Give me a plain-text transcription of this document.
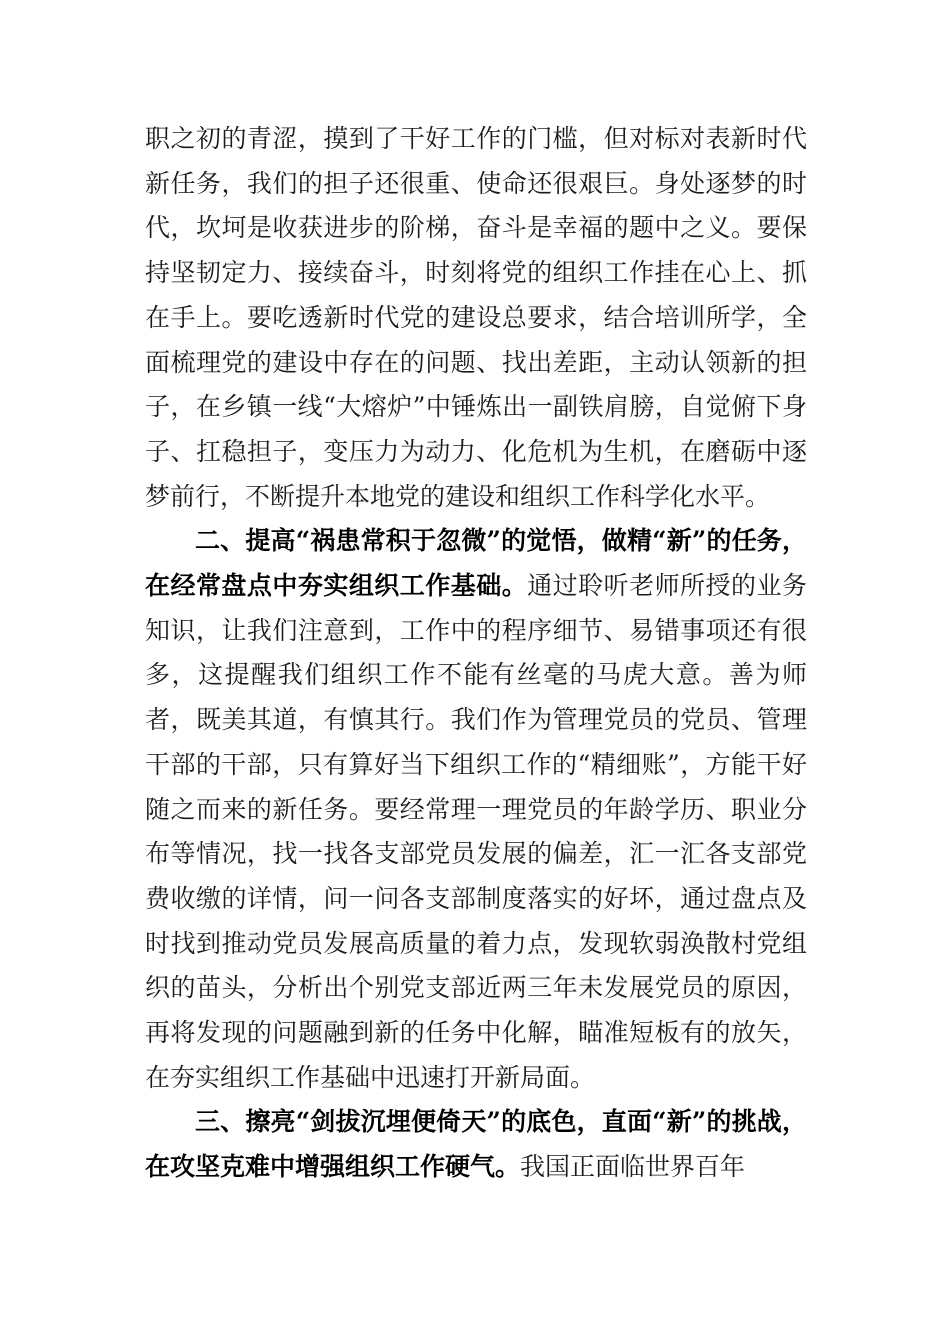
职之初的青涩，摸到了干好工作的门槛，但对标对表新时代新任务，我们的担子还很重、使命还很艰巨。身处逐梦的时代，坎坷是收获进步的阶梯，奋斗是幸福的题中之义。要保持坚韧定力、接续奋斗，时刻将党的组织工作挂在心上、抓在手上。要吃透新时代党的建设总要求，结合培训所学，全面梳理党的建设中存在的问题、找出差距，主动认领新的担子，在乡镇一线“大熔炉”中锤炼出一副铁肩膀，自觉俯下身子、扛稳担子，变压力为动力、化危机为生机，在磨砺中逐梦前行，不断提升本地党的建设和组织工作科学化水平。

二、提高“祸患常积于忽微”的觉悟，做精“新”的任务，在经常盘点中夯实组织工作基础。通过聆听老师所授的业务知识，让我们注意到，工作中的程序细节、易错事项还有很多，这提醒我们组织工作不能有丝毫的马虎大意。善为师者，既美其道，有慎其行。我们作为管理党员的党员、管理干部的干部，只有算好当下组织工作的“精细账”，方能干好随之而来的新任务。要经常理一理党员的年龄学历、职业分布等情况，找一找各支部党员发展的偏差，汇一汇各支部党费收缴的详情，问一问各支部制度落实的好坏，通过盘点及时找到推动党员发展高质量的着力点，发现软弱涣散村党组织的苗头，分析出个别党支部近两三年未发展党员的原因，再将发现的问题融到新的任务中化解，瞄准短板有的放矢，在夯实组织工作基础中迅速打开新局面。

三、擦亮“剑拔沉埋便倚天”的底色，直面“新”的挑战，在攻坚克难中增强组织工作硬气。我国正面临世界百年
